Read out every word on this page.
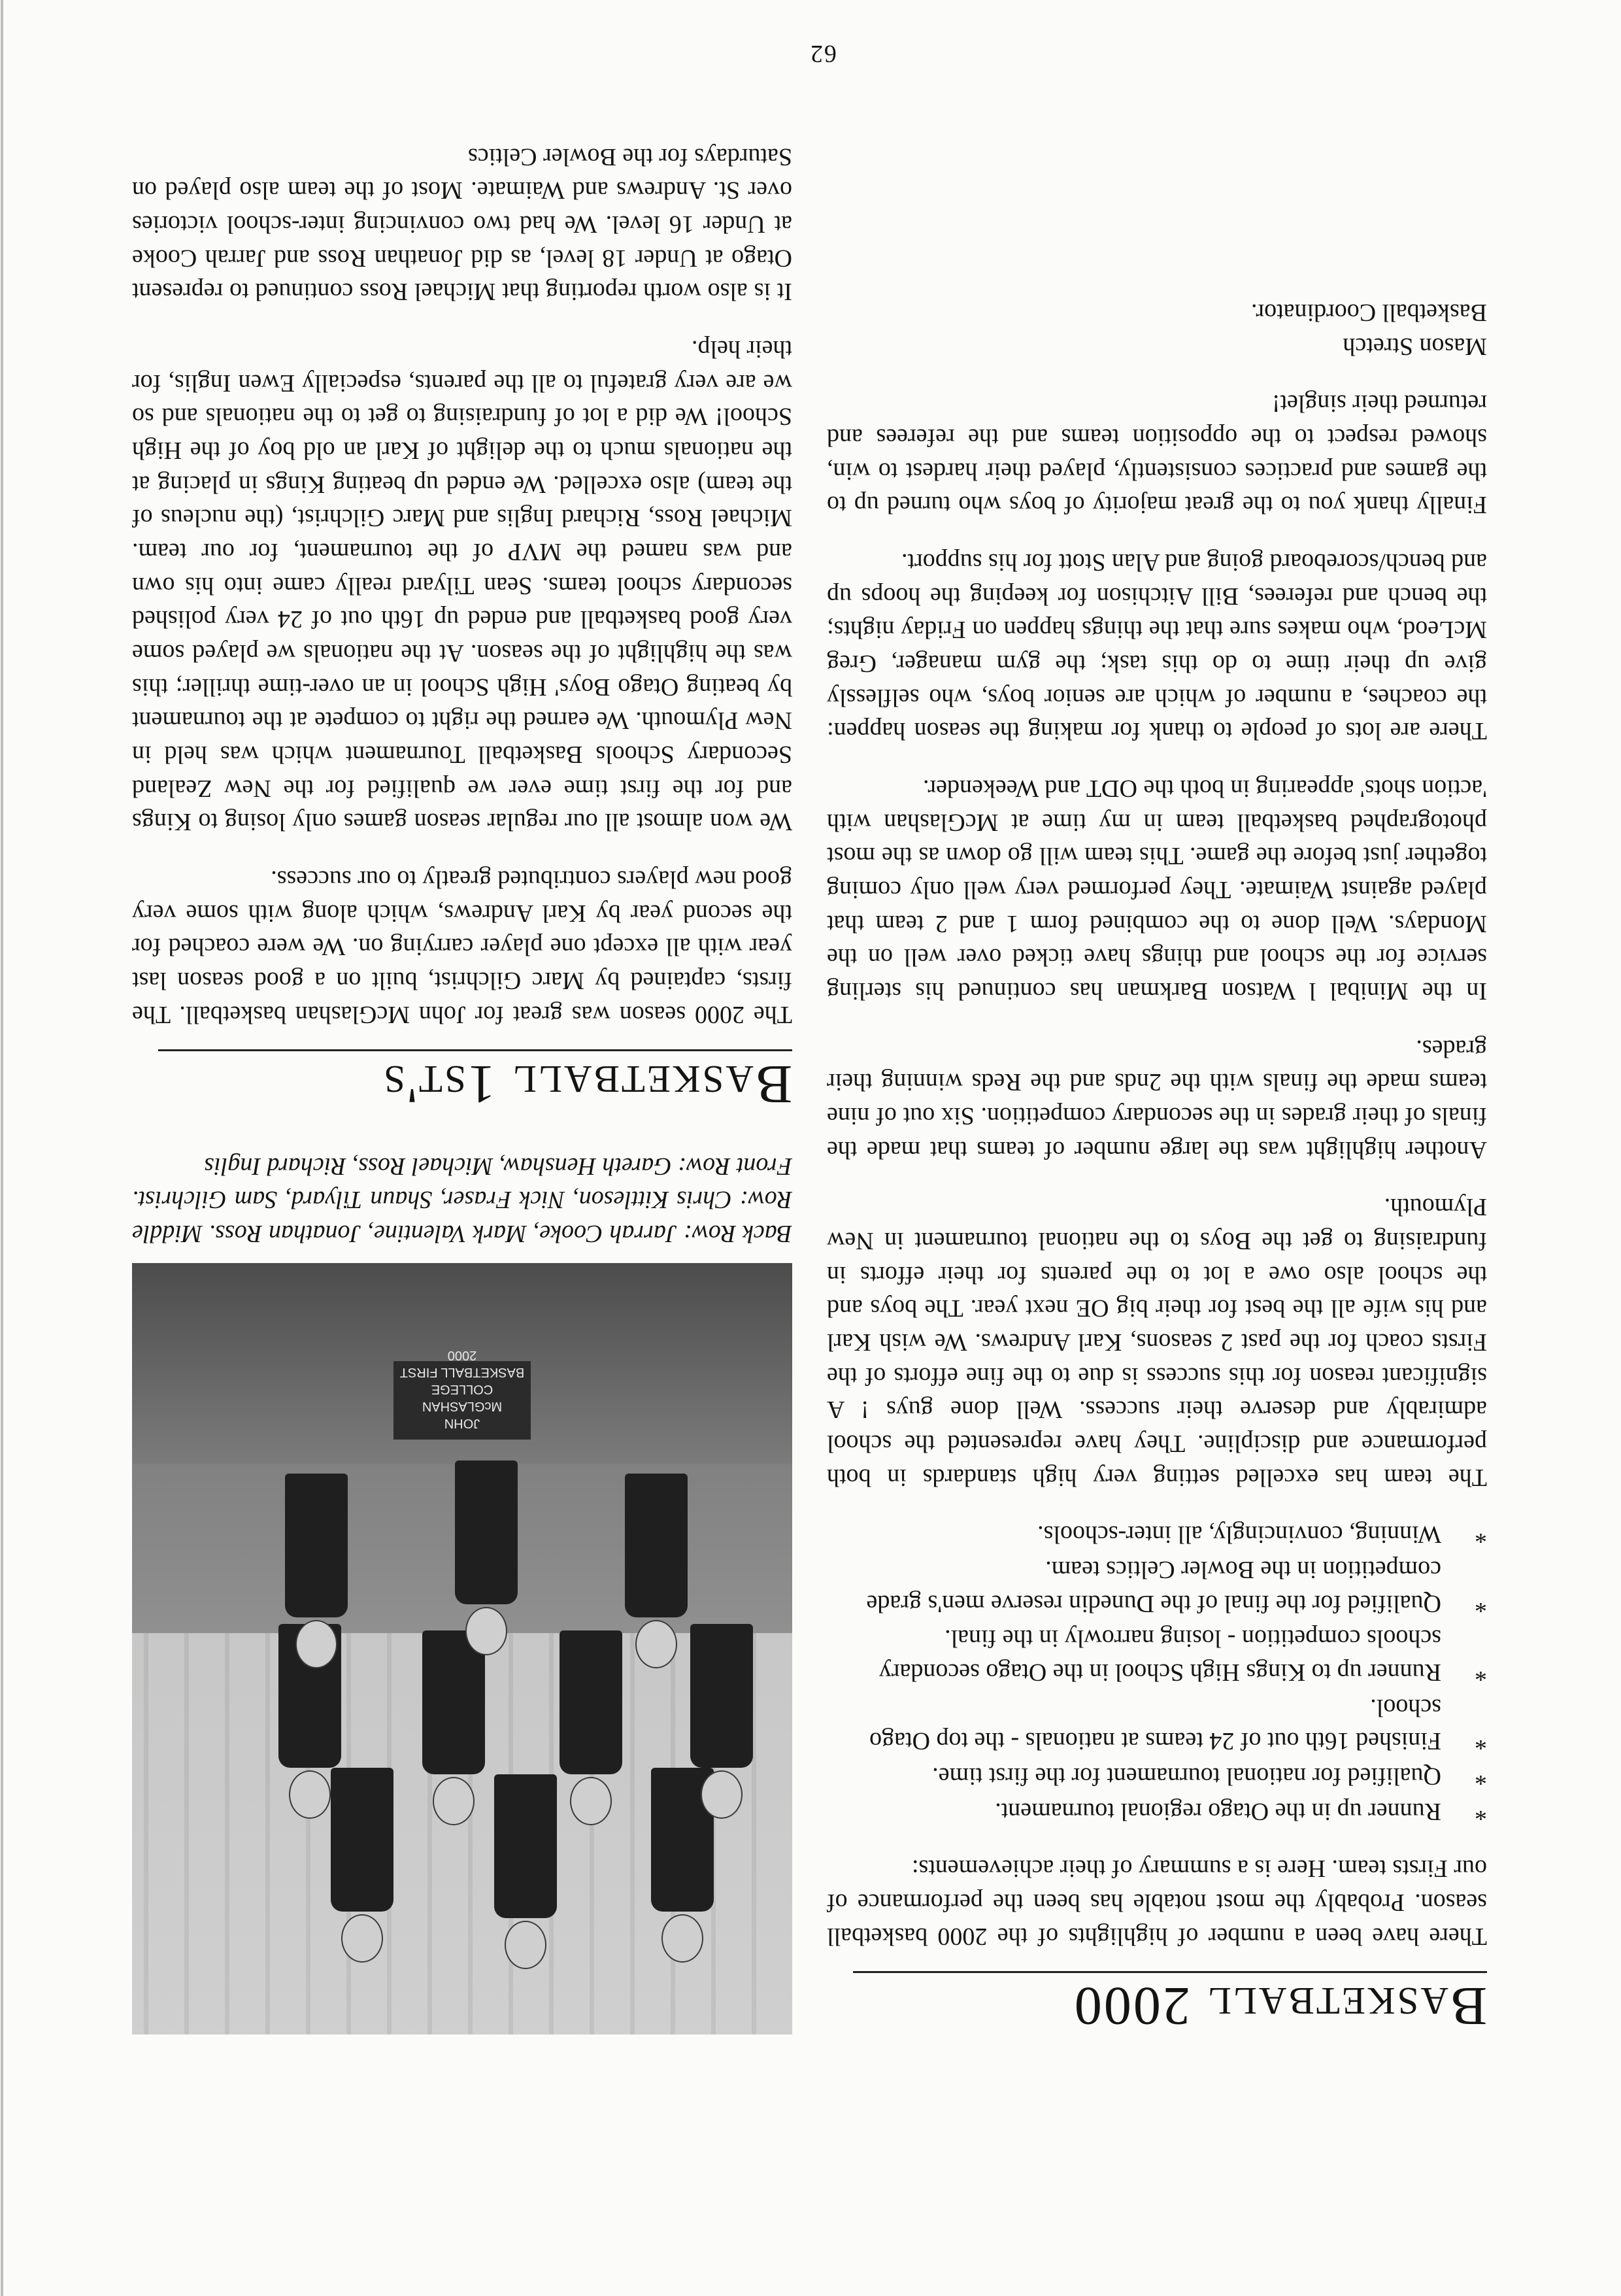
Basketball 2000

There have been a number of highlights of the 2000 basketball season. Probably the most notable has been the performance of our Firsts team. Here is a summary of their achievements:

*
Runner up in the Otago regional tournament.
*
Qualified for national tournament for the first time.
*
Finished 16th out of 24 teams at nationals - the top Otago school.
*
Runner up to Kings High School in the Otago secondary schools competition - losing narrowly in the final.
*
Qualified for the final of the Dunedin reserve men's grade competition in the Bowler Celtics team.
*
Winning, convincingly, all inter-schools.

The team has excelled setting very high standards in both performance and discipline. They have represented the school admirably and deserve their success. Well done guys ! A significant reason for this success is due to the fine efforts of the Firsts coach for the past 2 seasons, Karl Andrews. We wish Karl and his wife all the best for their big OE next year. The boys and the school also owe a lot to the parents for their efforts in fundraising to get the Boys to the national tournament in New Plymouth.

Another highlight was the large number of teams that made the finals of their grades in the secondary competition. Six out of nine teams made the finals with the 2nds and the Reds winning their grades.

In the Minibal l Watson Barkman has continued his sterling service for the school and things have ticked over well on the Mondays. Well done to the combined form 1 and 2 team that played against Waimate. They performed very well only coming together just before the game. This team will go down as the most photographed basketball team in my time at McGlashan with 'action shots' appearing in both the ODT and Weekender.

There are lots of people to thank for making the season happen: the coaches, a number of which are senior boys, who selflessly give up their time to do this task; the gym manager, Greg McLeod, who makes sure that the things happen on Friday nights; the bench and referees, Bill Aitchison for keeping the hoops up and bench/scoreboard going and Alan Stott for his support.

Finally thank you to the great majority of boys who turned up to the games and practices consistently, played their hardest to win, showed respect to the opposition teams and the referees and returned their singlet!

Mason Stretch

Basketball Coordinator.

JOHN
McGLASHAN
COLLEGE
BASKETBALL FIRST
2000

Back Row: Jarrah Cooke, Mark Valentine, Jonathan Ross. Middle Row: Chris Kittleson, Nick Fraser, Shaun Tilyard, Sam Gilchrist. Front Row: Gareth Henshaw, Michael Ross, Richard Inglis

Basketball 1st's

The 2000 season was great for John McGlashan basketball. The firsts, captained by Marc Gilchrist, built on a good season last year with all except one player carrying on. We were coached for the second year by Karl Andrews, which along with some very good new players contributed greatly to our success.

We won almost all our regular season games only losing to Kings and for the first time ever we qualified for the New Zealand Secondary Schools Basketball Tournament which was held in New Plymouth. We earned the right to compete at the tournament by beating Otago Boys' High School in an over-time thriller; this was the highlight of the season. At the nationals we played some very good basketball and ended up 16th out of 24 very polished secondary school teams. Sean Tilyard really came into his own and was named the MVP of the tournament, for our team. Michael Ross, Richard Inglis and Marc Gilchrist, (the nucleus of the team) also excelled. We ended up beating Kings in placing at the nationals much to the delight of Karl an old boy of the High School! We did a lot of fundraising to get to the nationals and so we are very grateful to all the parents, especially Ewen Inglis, for their help.

It is also worth reporting that Michael Ross continued to represent Otago at Under 18 level, as did Jonathan Ross and Jarrah Cooke at Under 16 level. We had two convincing inter-school victories over St. Andrews and Waimate. Most of the team also played on Saturdays for the Bowler Celtics

62
